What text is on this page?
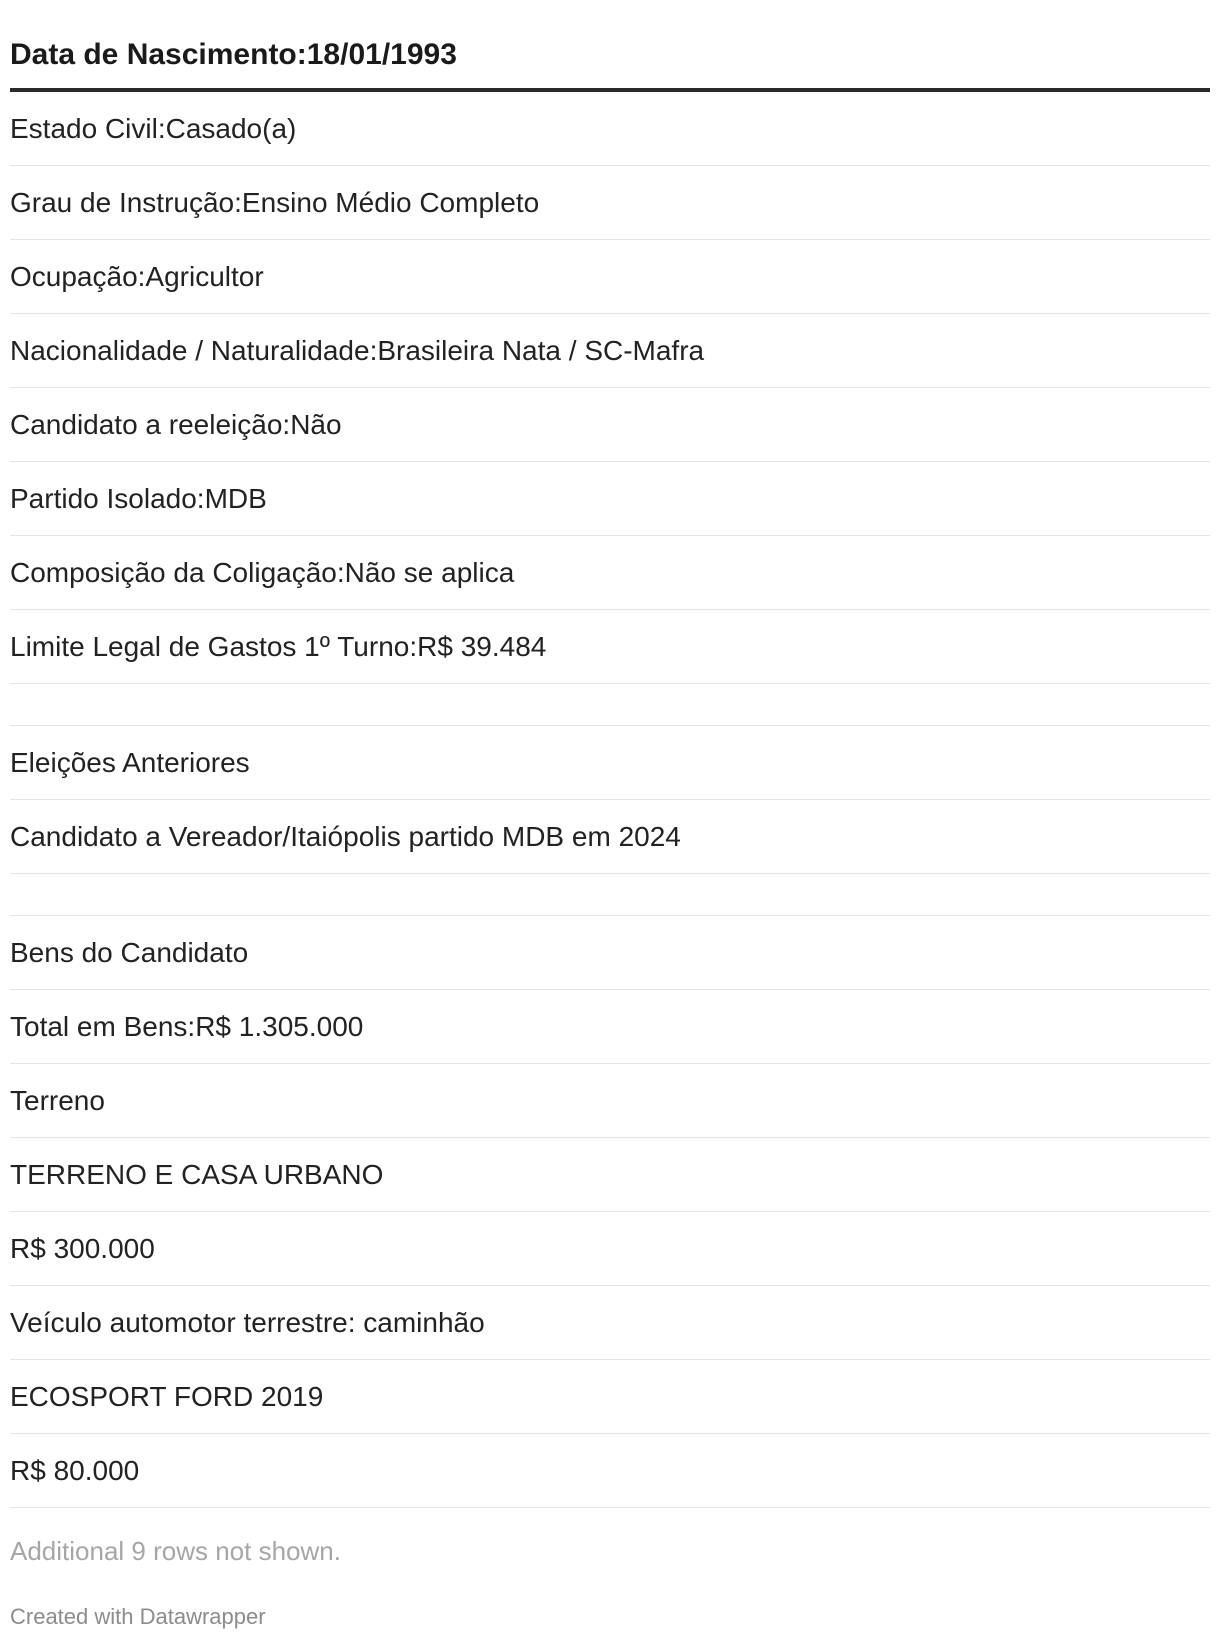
Data de Nascimento:18/01/1993
Estado Civil:Casado(a)
Grau de Instrução:Ensino Médio Completo
Ocupação:Agricultor
Nacionalidade / Naturalidade:Brasileira Nata / SC-Mafra
Candidato a reeleição:Não
Partido Isolado:MDB
Composição da Coligação:Não se aplica
Limite Legal de Gastos 1º Turno:R$ 39.484
Eleições Anteriores
Candidato a Vereador/Itaiópolis partido MDB em 2024
Bens do Candidato
Total em Bens:R$ 1.305.000
Terreno
TERRENO E CASA URBANO
R$ 300.000
Veículo automotor terrestre: caminhão
ECOSPORT FORD 2019
R$ 80.000
Additional 9 rows not shown.
Created with Datawrapper
